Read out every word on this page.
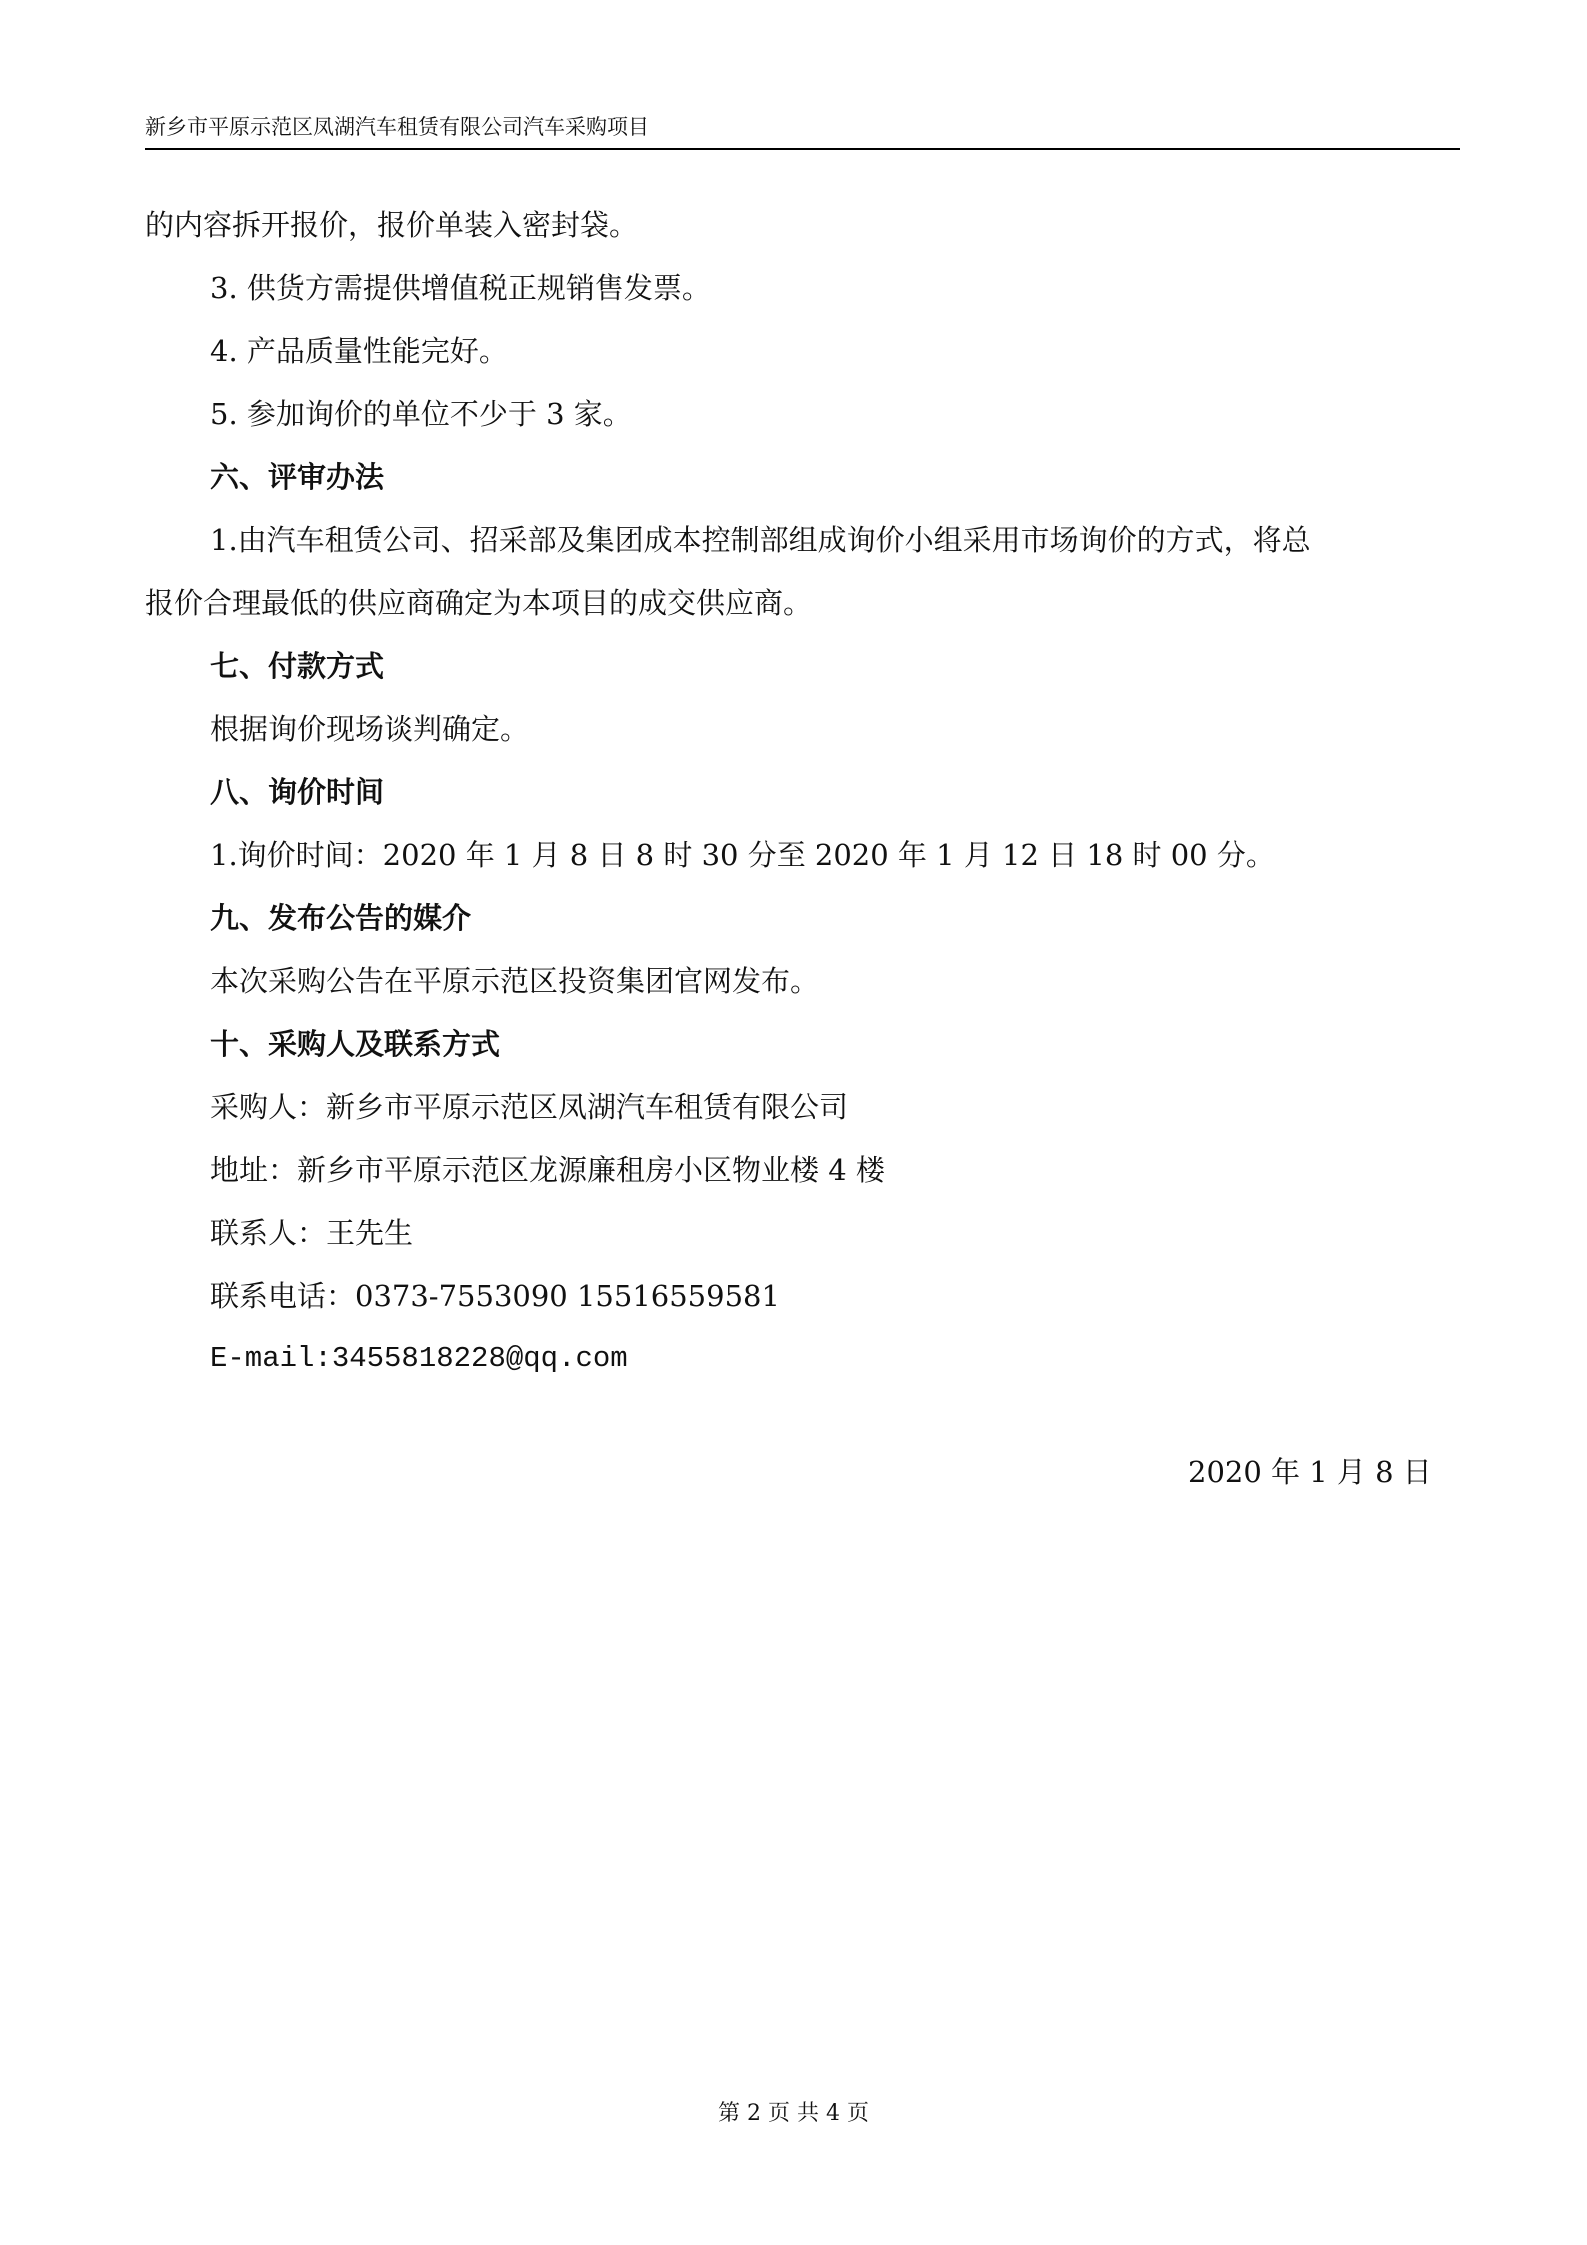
新乡市平原示范区凤湖汽车租赁有限公司汽车采购项目
的内容拆开报价，报价单装入密封袋。
3. 供货方需提供增值税正规销售发票。
4. 产品质量性能完好。
5. 参加询价的单位不少于 3 家。
六、评审办法
1.由汽车租赁公司、招采部及集团成本控制部组成询价小组采用市场询价的方式，将总
报价合理最低的供应商确定为本项目的成交供应商。
七、付款方式
根据询价现场谈判确定。
八、询价时间
1.询价时间：2020 年 1 月 8 日 8 时 30 分至 2020 年 1 月 12 日 18 时 00 分。
九、发布公告的媒介
本次采购公告在平原示范区投资集团官网发布。
十、采购人及联系方式
采购人：新乡市平原示范区凤湖汽车租赁有限公司
地址：新乡市平原示范区龙源廉租房小区物业楼 4 楼
联系人：王先生
联系电话：0373-7553090 15516559581
E-mail:3455818228@qq.com
2020 年 1 月 8 日
第 2 页 共 4 页
